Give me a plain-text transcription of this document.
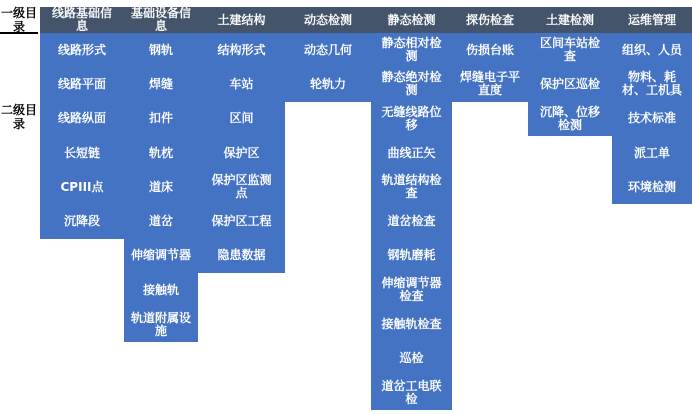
一级目录
二级目录
线路基础信息
线路形式
线路平面
线路纵面
长短链
CPIII点
沉降段
基础设备信息
钢轨
焊缝
扣件
轨枕
道床
道岔
伸缩调节器
接触轨
轨道附属设施
土建结构
结构形式
车站
区间
保护区
保护区监测点
保护区工程
隐患数据
动态检测
动态几何
轮轨力
静态检测
静态相对检测
静态绝对检测
无缝线路位移
曲线正矢
轨道结构检查
道岔检查
钢轨磨耗
伸缩调节器检查
接触轨检查
巡检
道岔工电联检
探伤检查
伤损台账
焊缝电子平直度
土建检测
区间车站检查
保护区巡检
沉降、位移检测
运维管理
组织、人员
物料、耗材、工机具
技术标准
派工单
环境检测
